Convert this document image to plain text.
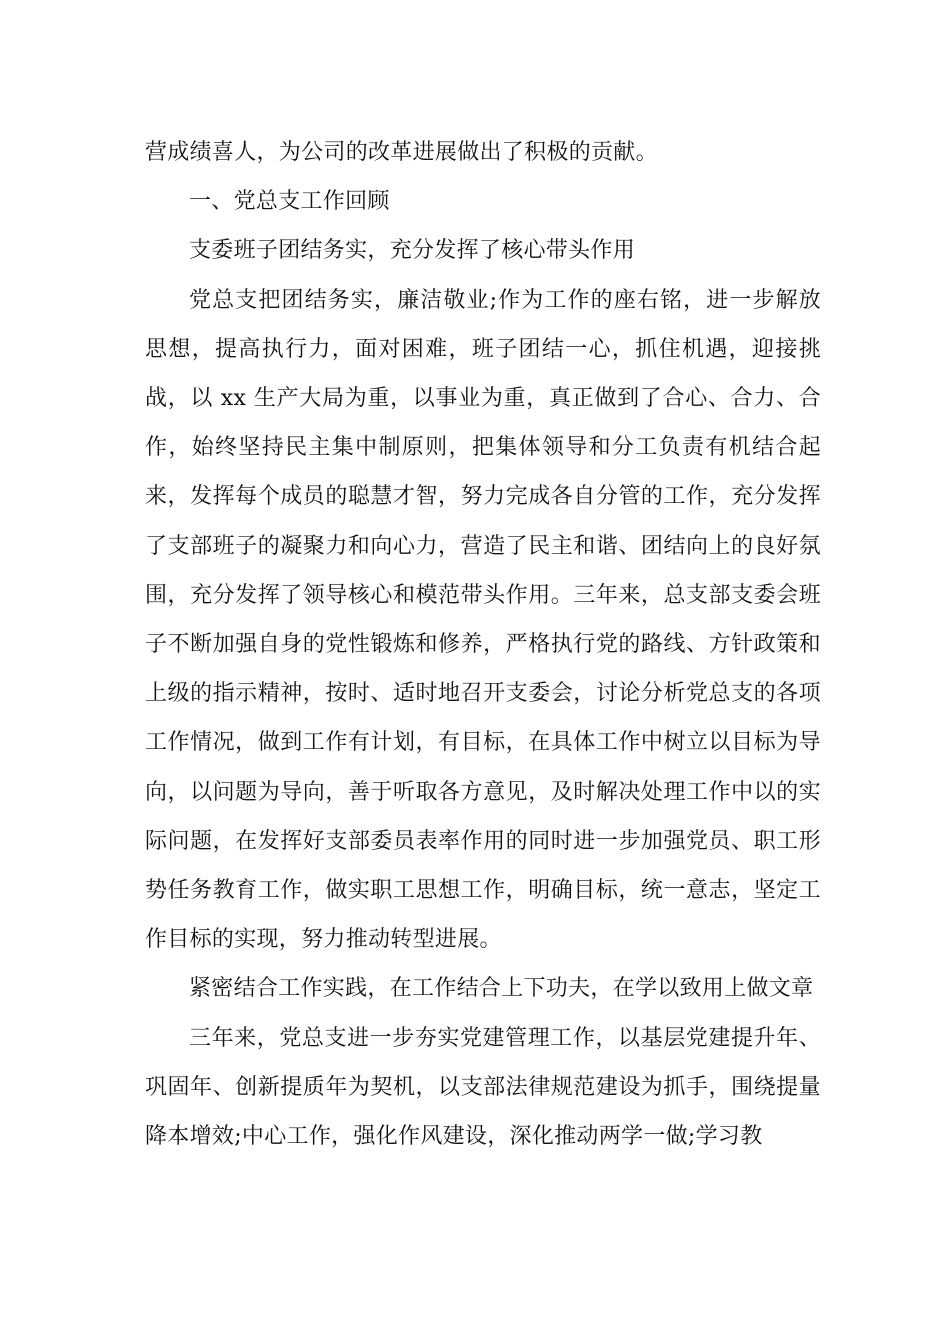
营成绩喜人，为公司的改革进展做出了积极的贡献。

一、党总支工作回顾

支委班子团结务实，充分发挥了核心带头作用

党总支把团结务实，廉洁敬业;作为工作的座右铭，进一步解放思想，提高执行力，面对困难，班子团结一心，抓住机遇，迎接挑战，以 xx 生产大局为重，以事业为重，真正做到了合心、合力、合作，始终坚持民主集中制原则，把集体领导和分工负责有机结合起来，发挥每个成员的聪慧才智，努力完成各自分管的工作，充分发挥了支部班子的凝聚力和向心力，营造了民主和谐、团结向上的良好氛围，充分发挥了领导核心和模范带头作用。三年来，总支部支委会班子不断加强自身的党性锻炼和修养，严格执行党的路线、方针政策和上级的指示精神，按时、适时地召开支委会，讨论分析党总支的各项工作情况，做到工作有计划，有目标，在具体工作中树立以目标为导向，以问题为导向，善于听取各方意见，及时解决处理工作中以的实际问题，在发挥好支部委员表率作用的同时进一步加强党员、职工形势任务教育工作，做实职工思想工作，明确目标，统一意志，坚定工作目标的实现，努力推动转型进展。

紧密结合工作实践，在工作结合上下功夫，在学以致用上做文章

三年来，党总支进一步夯实党建管理工作，以基层党建提升年、巩固年、创新提质年为契机，以支部法律规范建设为抓手，围绕提量降本增效;中心工作，强化作风建设，深化推动两学一做;学习教
